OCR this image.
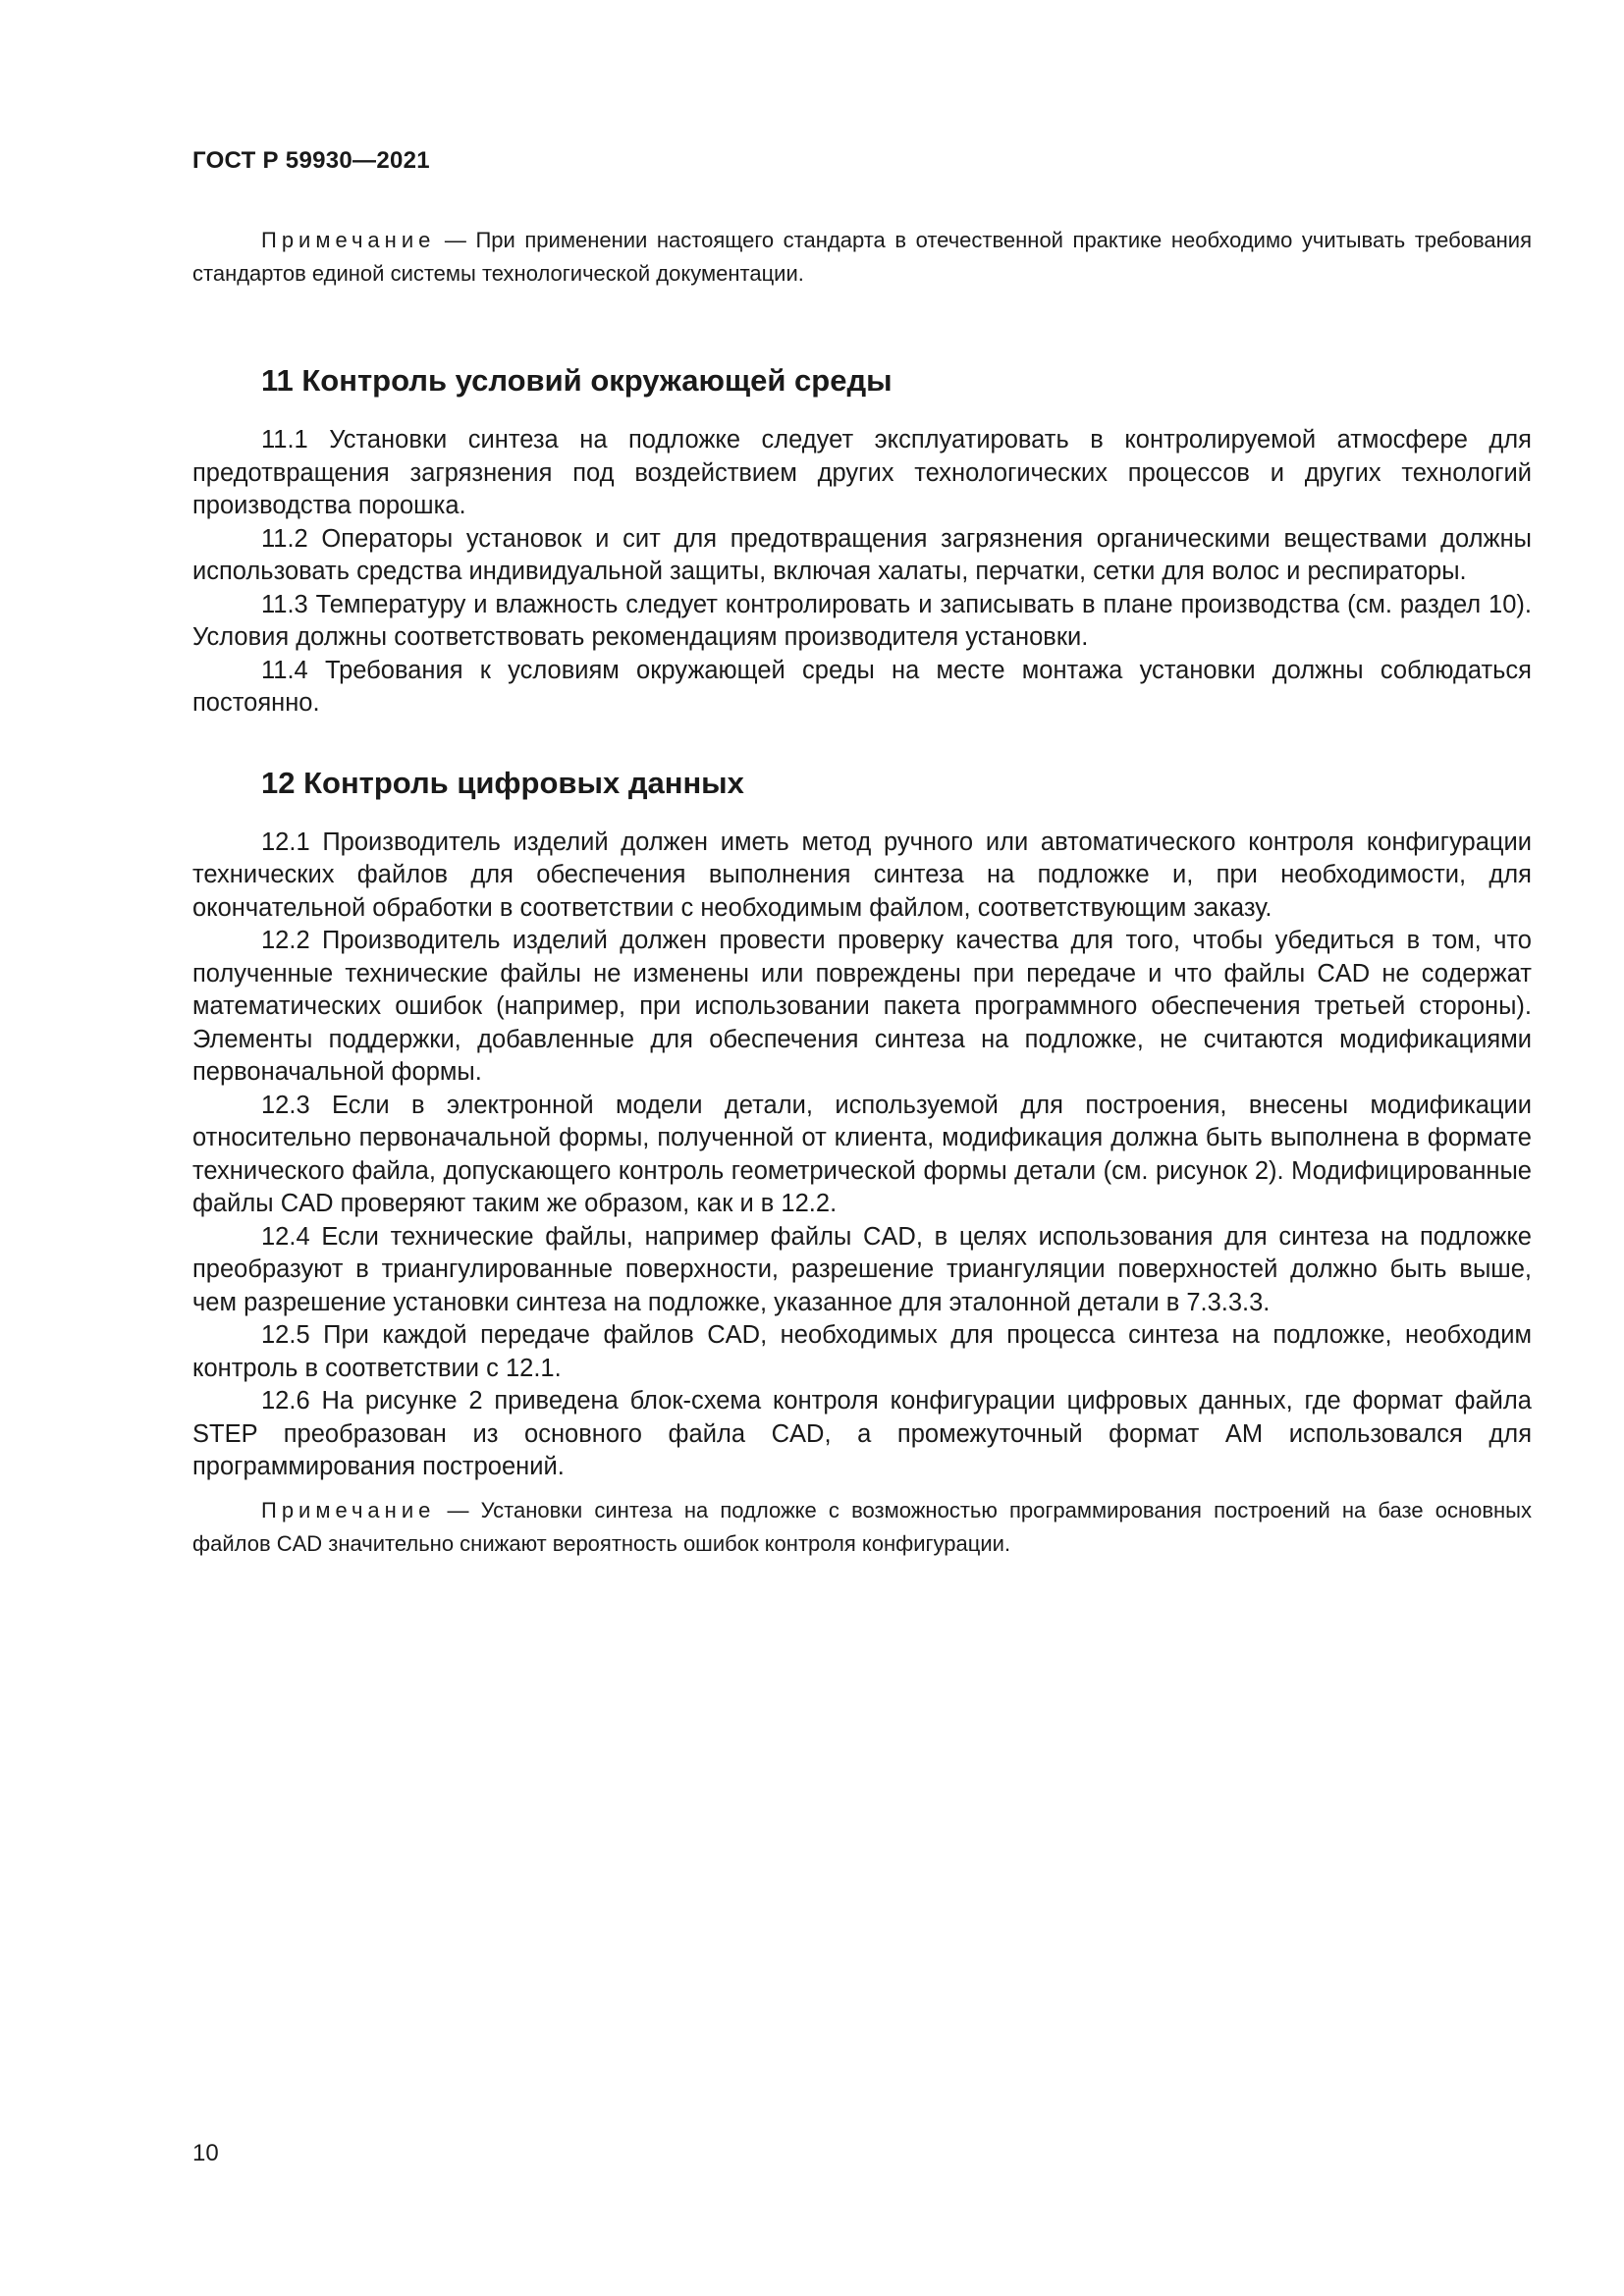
ГОСТ Р 59930—2021

Примечание — При применении настоящего стандарта в отечественной практике необходимо учитывать требования стандартов единой системы технологической документации.

11 Контроль условий окружающей среды

11.1 Установки синтеза на подложке следует эксплуатировать в контролируемой атмосфере для предотвращения загрязнения под воздействием других технологических процессов и других технологий производства порошка.

11.2 Операторы установок и сит для предотвращения загрязнения органическими веществами должны использовать средства индивидуальной защиты, включая халаты, перчатки, сетки для волос и респираторы.

11.3 Температуру и влажность следует контролировать и записывать в плане производства (см. раздел 10). Условия должны соответствовать рекомендациям производителя установки.

11.4 Требования к условиям окружающей среды на месте монтажа установки должны соблюдаться постоянно.

12 Контроль цифровых данных

12.1 Производитель изделий должен иметь метод ручного или автоматического контроля конфигурации технических файлов для обеспечения выполнения синтеза на подложке и, при необходимости, для окончательной обработки в соответствии с необходимым файлом, соответствующим заказу.

12.2 Производитель изделий должен провести проверку качества для того, чтобы убедиться в том, что полученные технические файлы не изменены или повреждены при передаче и что файлы CAD не содержат математических ошибок (например, при использовании пакета программного обеспечения третьей стороны). Элементы поддержки, добавленные для обеспечения синтеза на подложке, не считаются модификациями первоначальной формы.

12.3 Если в электронной модели детали, используемой для построения, внесены модификации относительно первоначальной формы, полученной от клиента, модификация должна быть выполнена в формате технического файла, допускающего контроль геометрической формы детали (см. рисунок 2). Модифицированные файлы CAD проверяют таким же образом, как и в 12.2.

12.4 Если технические файлы, например файлы CAD, в целях использования для синтеза на подложке преобразуют в триангулированные поверхности, разрешение триангуляции поверхностей должно быть выше, чем разрешение установки синтеза на подложке, указанное для эталонной детали в 7.3.3.3.

12.5 При каждой передаче файлов CAD, необходимых для процесса синтеза на подложке, необходим контроль в соответствии с 12.1.

12.6 На рисунке 2 приведена блок-схема контроля конфигурации цифровых данных, где формат файла STEP преобразован из основного файла CAD, а промежуточный формат AM использовался для программирования построений.

Примечание — Установки синтеза на подложке с возможностью программирования построений на базе основных файлов CAD значительно снижают вероятность ошибок контроля конфигурации.

10
